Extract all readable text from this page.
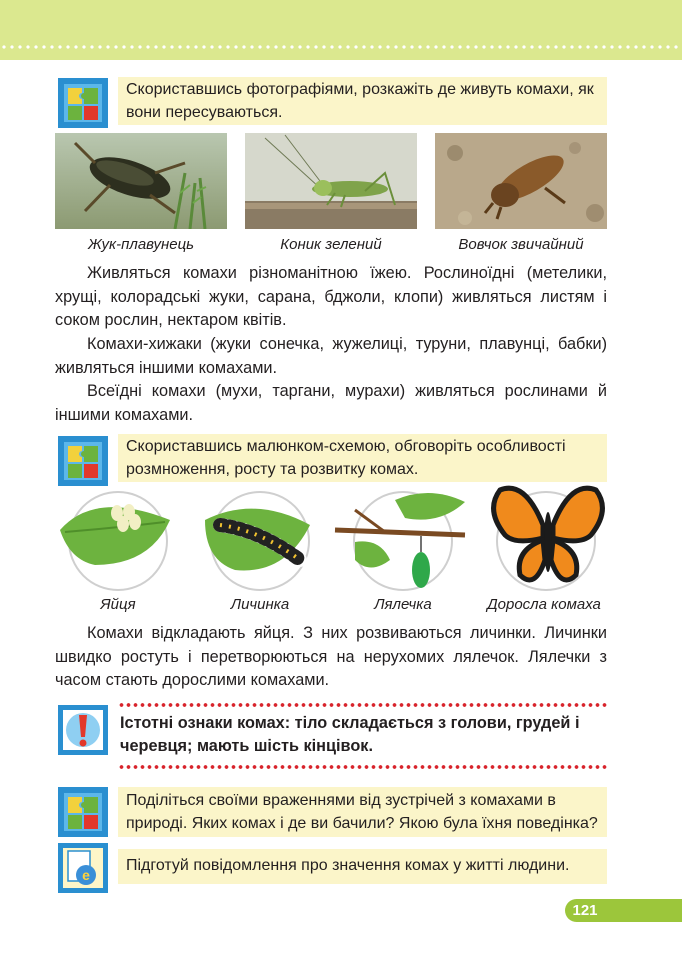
Скориставшись фотографіями, розкажіть де живуть комахи, як вони пересуваються.
Жук-плавунець	Коник зелений	Вовчок звичайний
Живляться комахи різноманітною їжею. Рослиноїдні (метелики, хрущі, колорадські жуки, сарана, бджоли, клопи) живляться листям і соком рослин, нектаром квітів.
Комахи-хижаки (жуки сонечка, жужелиці, туруни, плавунці, бабки) живляться іншими комахами.
Всеїдні комахи (мухи, таргани, мурахи) живляться рослинами й іншими комахами.
Скориставшись малюнком-схемою, обговоріть особливості розмноження, росту та розвитку комах.
Яйця	Личинка	Лялечка	Доросла комаха
Комахи відкладають яйця. З них розвиваються личинки. Личинки швидко ростуть і перетворюються на нерухомих лялечок. Лялечки з часом стають дорослими комахами.
Істотні ознаки комах: тіло складається з голови, грудей і черевця; мають шість кінцівок.
Поділіться своїми враженнями від зустрічей з комахами в природі. Яких комах і де ви бачили? Якою була їхня поведінка?
e
Підготуй повідомлення про значення комах у житті людини.
121
